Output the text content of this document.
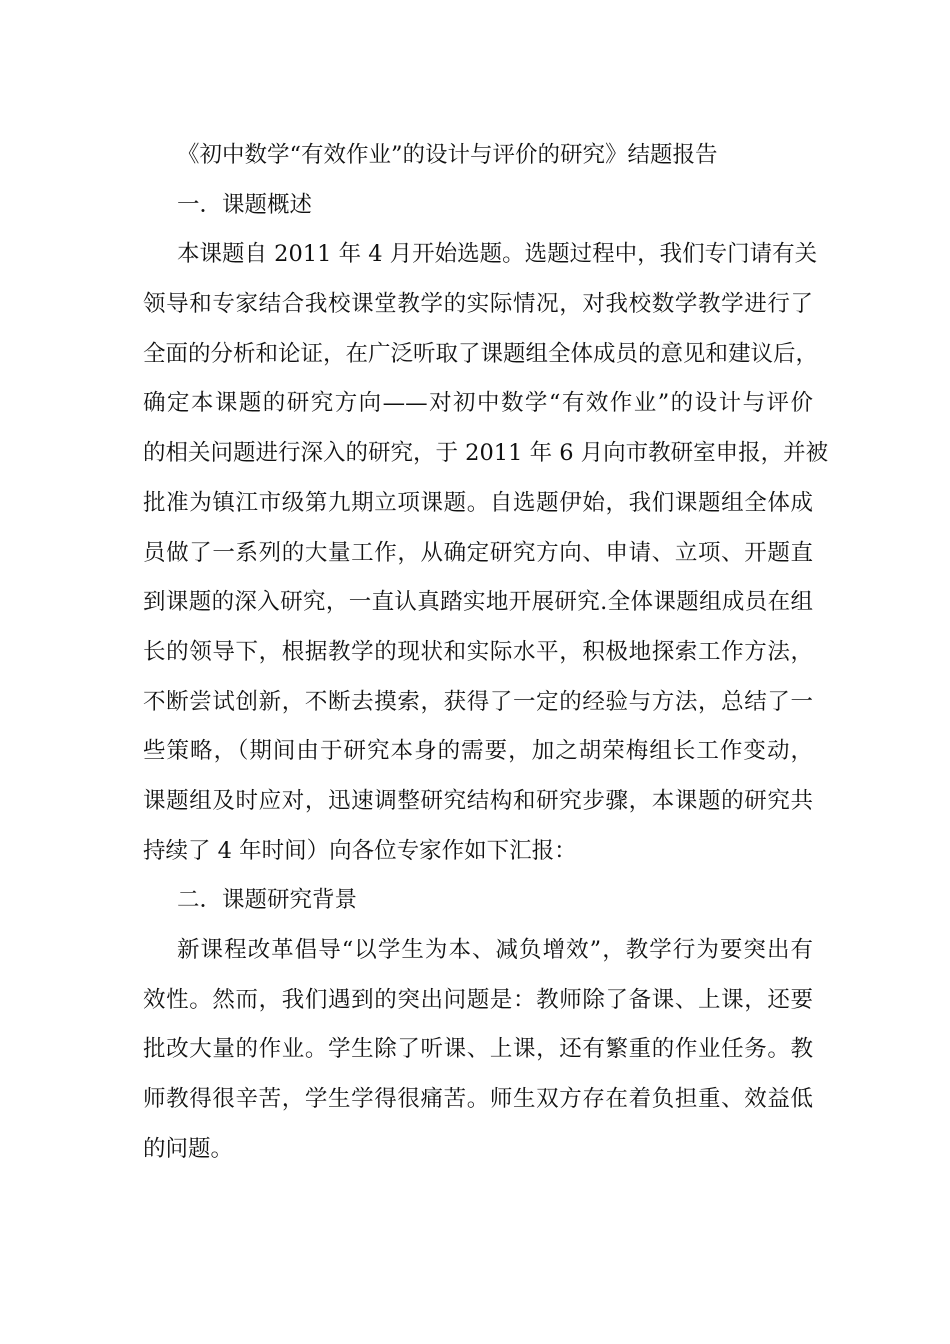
《初中数学“有效作业”的设计与评价的研究》结题报告
一．课题概述
本课题自 2011 年 4 月开始选题。选题过程中，我们专门请有关
领导和专家结合我校课堂教学的实际情况，对我校数学教学进行了
全面的分析和论证，在广泛听取了课题组全体成员的意见和建议后，
确定本课题的研究方向——对初中数学“有效作业”的设计与评价
的相关问题进行深入的研究，于 2011 年 6 月向市教研室申报，并被
批准为镇江市级第九期立项课题。自选题伊始，我们课题组全体成
员做了一系列的大量工作，从确定研究方向、申请、立项、开题直
到课题的深入研究，一直认真踏实地开展研究.全体课题组成员在组
长的领导下，根据教学的现状和实际水平，积极地探索工作方法，
不断尝试创新，不断去摸索，获得了一定的经验与方法，总结了一
些策略，（期间由于研究本身的需要，加之胡荣梅组长工作变动，
课题组及时应对，迅速调整研究结构和研究步骤，本课题的研究共
持续了 4 年时间）向各位专家作如下汇报：
二．课题研究背景
新课程改革倡导“以学生为本、减负增效”，教学行为要突出有
效性。然而，我们遇到的突出问题是：教师除了备课、上课，还要
批改大量的作业。学生除了听课、上课，还有繁重的作业任务。教
师教得很辛苦，学生学得很痛苦。师生双方存在着负担重、效益低
的问题。
